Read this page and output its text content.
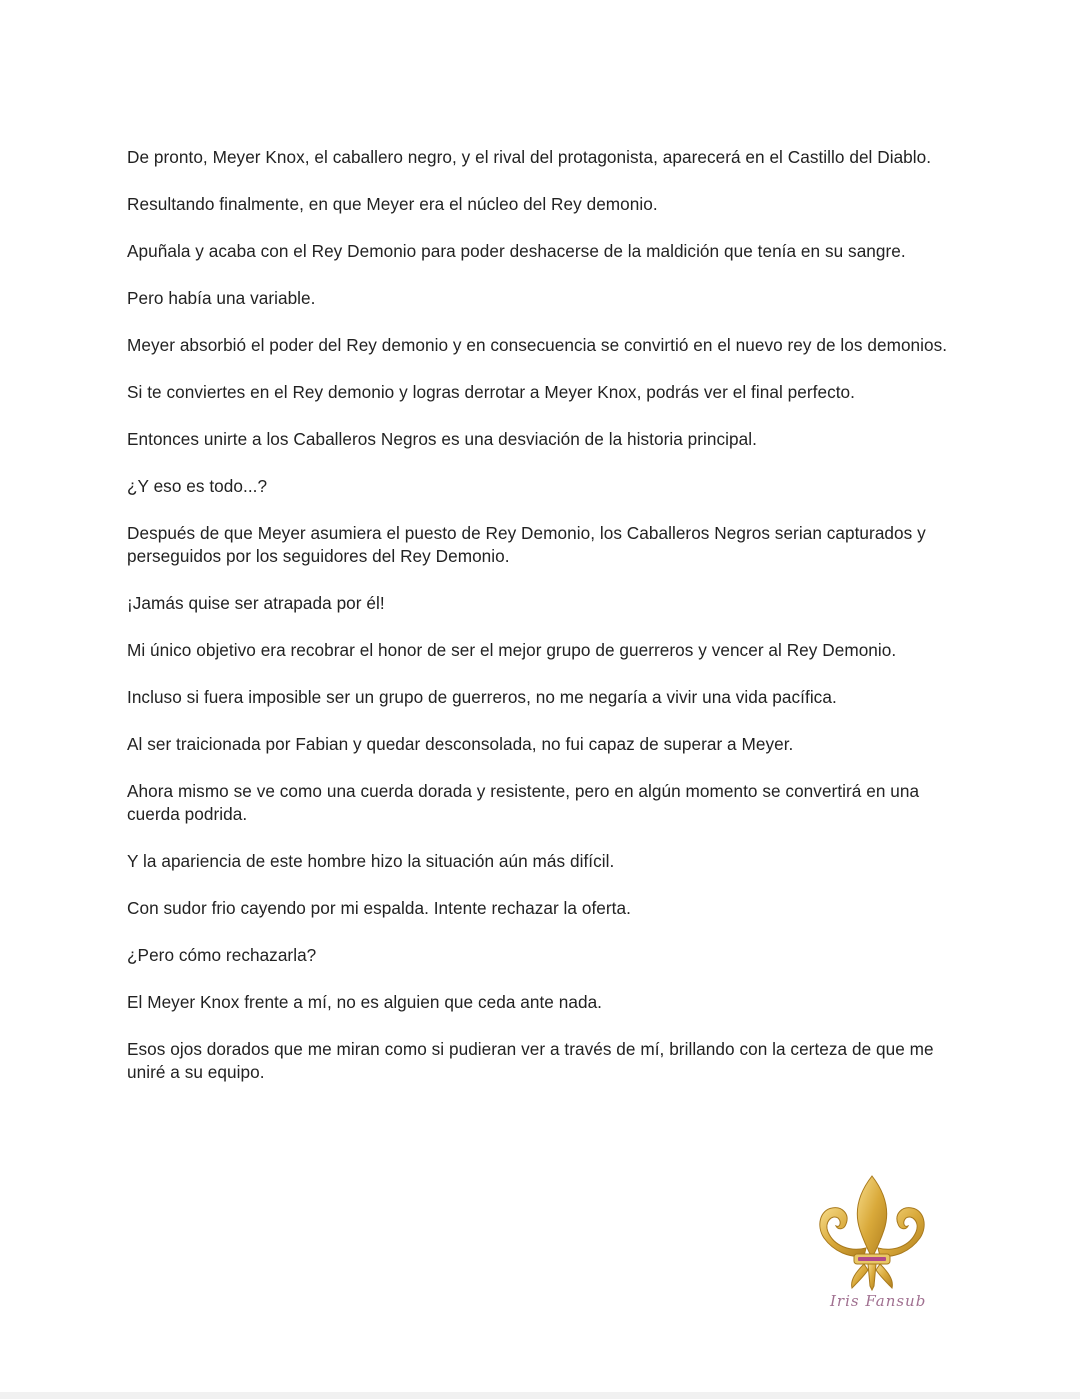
De pronto, Meyer Knox, el caballero negro, y el rival del protagonista, aparecerá en el Castillo del Diablo.

Resultando finalmente, en que Meyer era el núcleo del Rey demonio.

Apuñala y acaba con el Rey Demonio para poder deshacerse de la maldición que tenía en su sangre.

Pero había una variable.

Meyer absorbió el poder del Rey demonio y en consecuencia se convirtió en el nuevo rey de los demonios.

Si te conviertes en el Rey demonio y logras derrotar a Meyer Knox, podrás ver el final perfecto.

Entonces unirte a los Caballeros Negros es una desviación de la historia principal.

¿Y eso es todo...?

Después de que Meyer asumiera el puesto de Rey Demonio, los Caballeros Negros serian capturados y perseguidos por los seguidores del Rey Demonio.

¡Jamás quise ser atrapada por él!

Mi único objetivo era recobrar el honor de ser el mejor grupo de guerreros y vencer al Rey Demonio.

Incluso si fuera imposible ser un grupo de guerreros, no me negaría a vivir una vida pacífica.

Al ser traicionada por Fabian y quedar desconsolada, no fui capaz de superar a Meyer.

Ahora mismo se ve como una cuerda dorada y resistente, pero en algún momento se convertirá en una cuerda podrida.

Y la apariencia de este hombre hizo la situación aún más difícil.

Con sudor frio cayendo por mi espalda. Intente rechazar la oferta.

¿Pero cómo rechazarla?

El Meyer Knox frente a mí, no es alguien que ceda ante nada.

Esos ojos dorados que me miran como si pudieran ver a través de mí, brillando con la certeza de que me uniré a su equipo.

Iris Fansub
